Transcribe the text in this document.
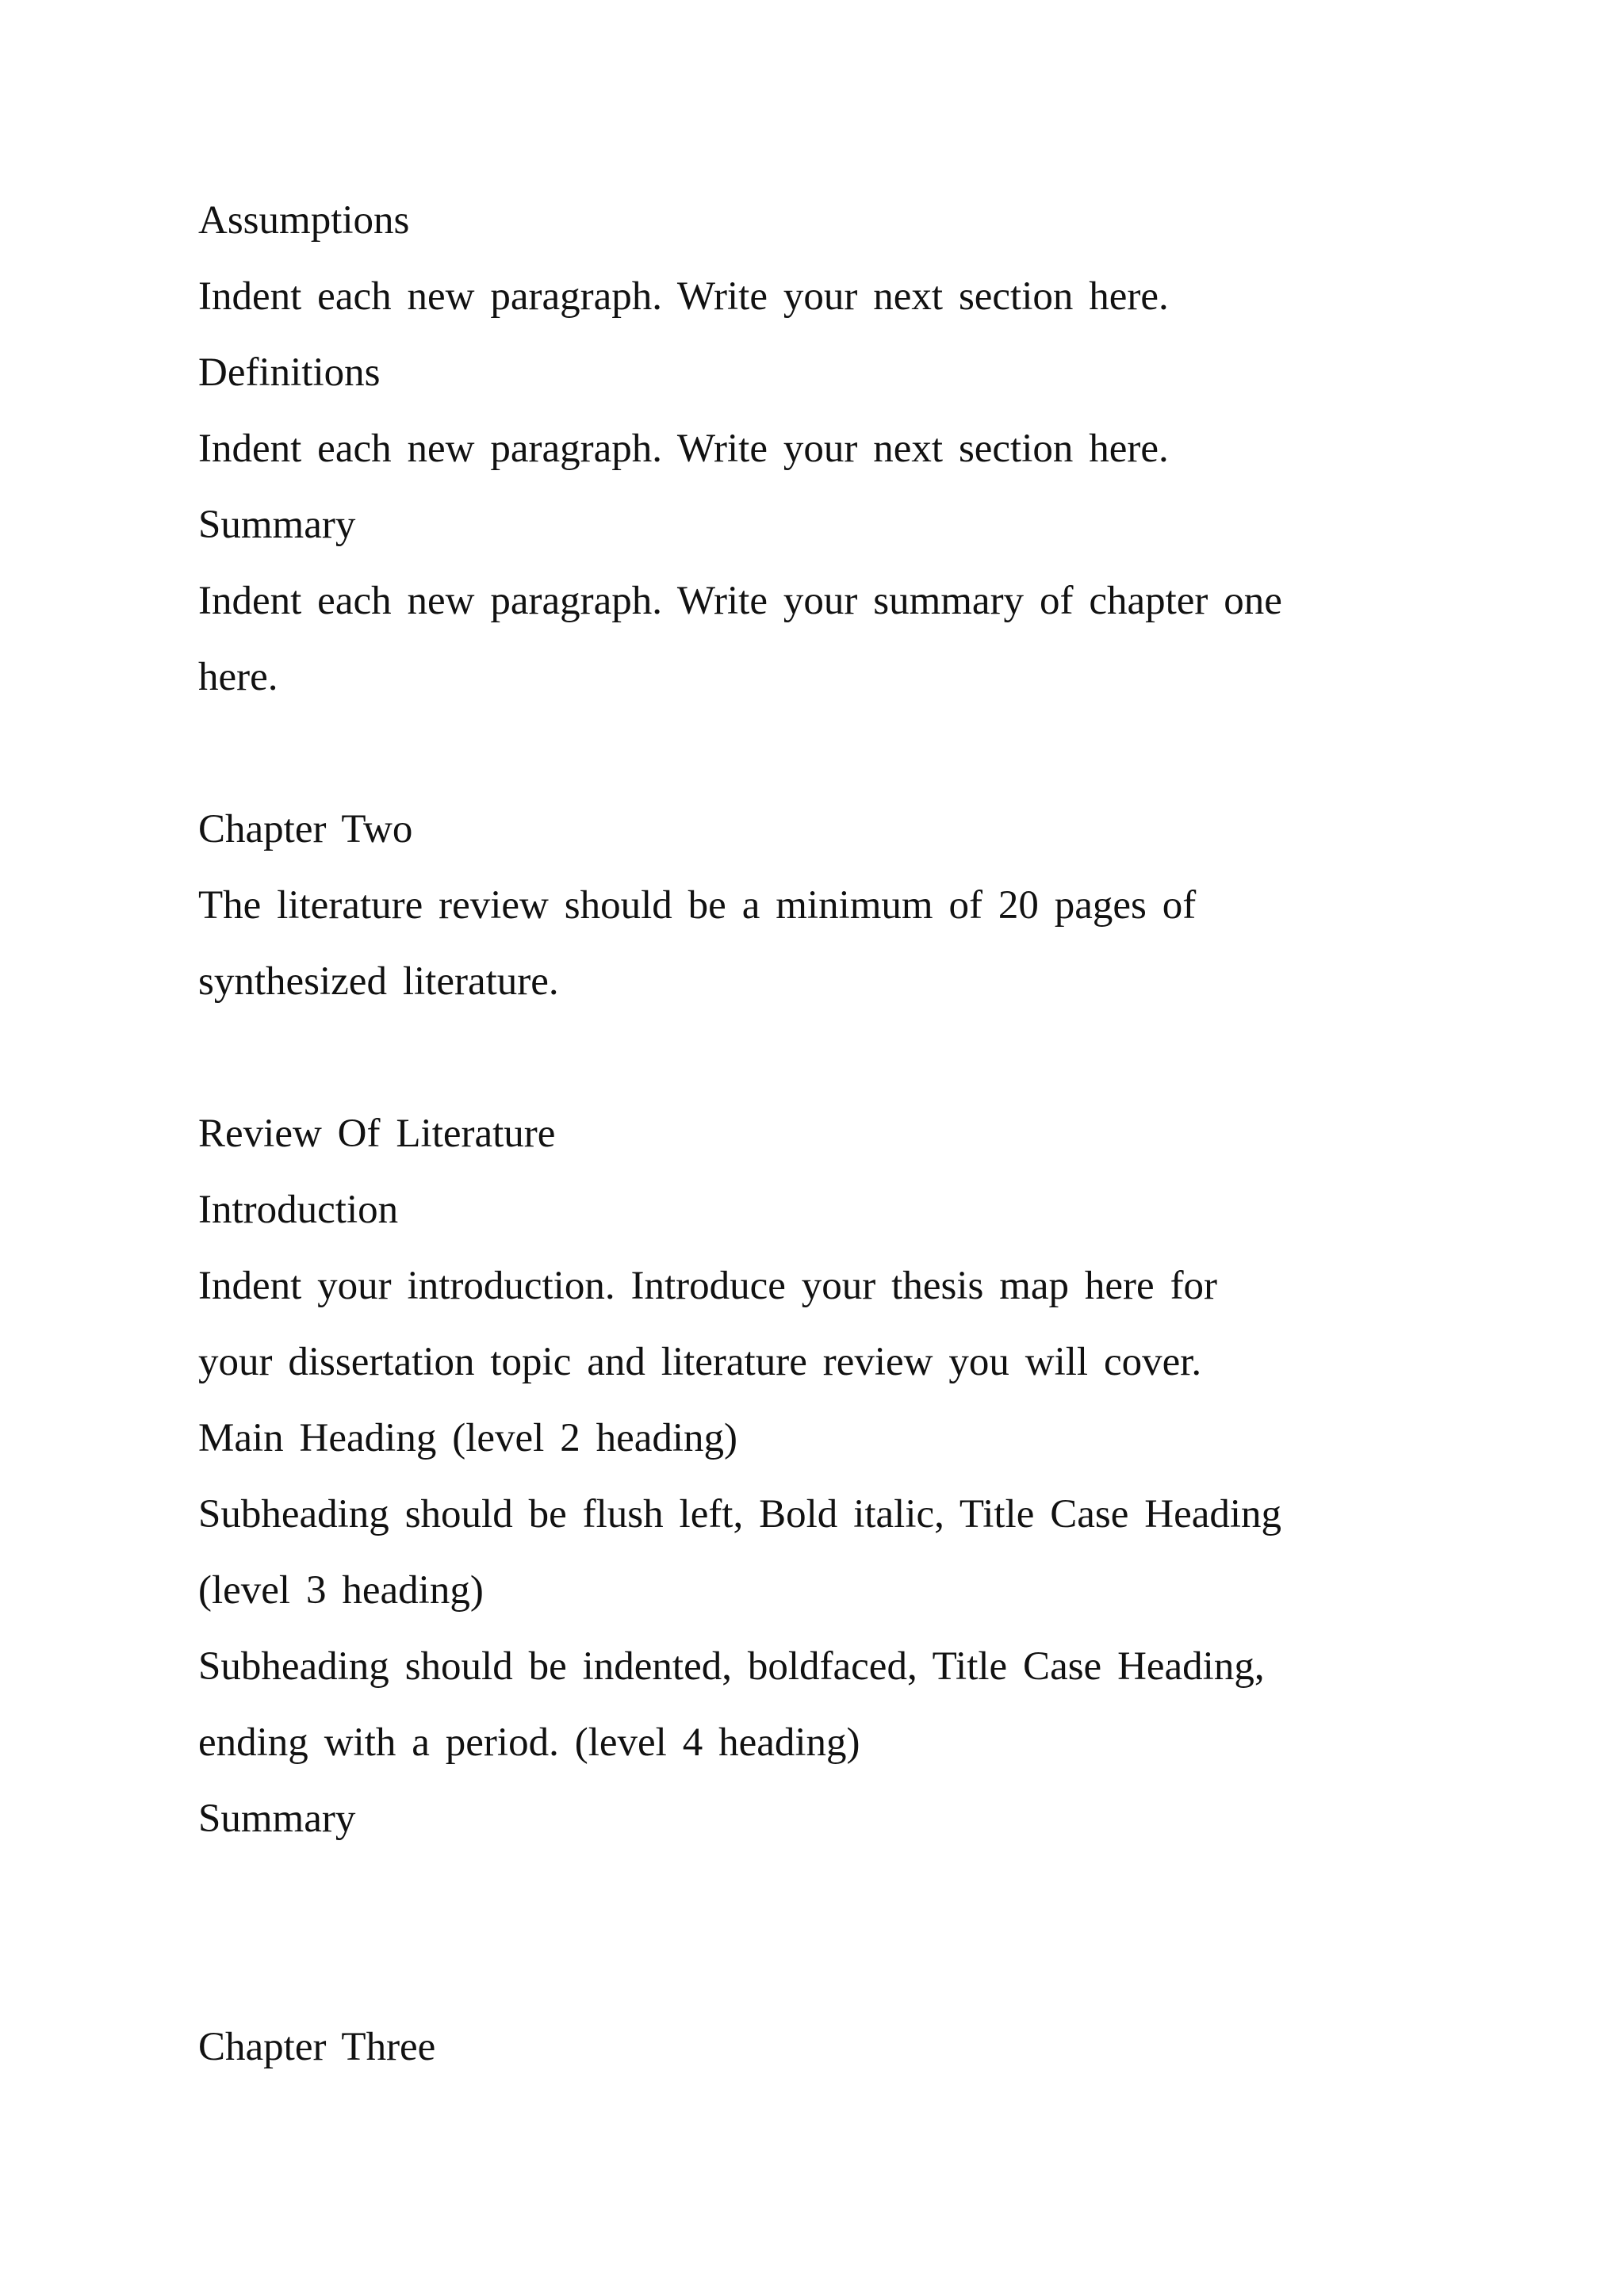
Assumptions

Indent each new paragraph. Write your next section here.

Definitions

Indent each new paragraph. Write your next section here.

Summary

Indent each new paragraph. Write your summary of chapter one

here.

Chapter Two

The literature review should be a minimum of 20 pages of

synthesized literature.

Review Of Literature

Introduction

Indent your introduction. Introduce your thesis map here for

your dissertation topic and literature review you will cover.

Main Heading (level 2 heading)

Subheading should be flush left, Bold italic, Title Case Heading

(level 3 heading)

Subheading should be indented, boldfaced, Title Case Heading,

ending with a period. (level 4 heading)

Summary

Chapter Three
